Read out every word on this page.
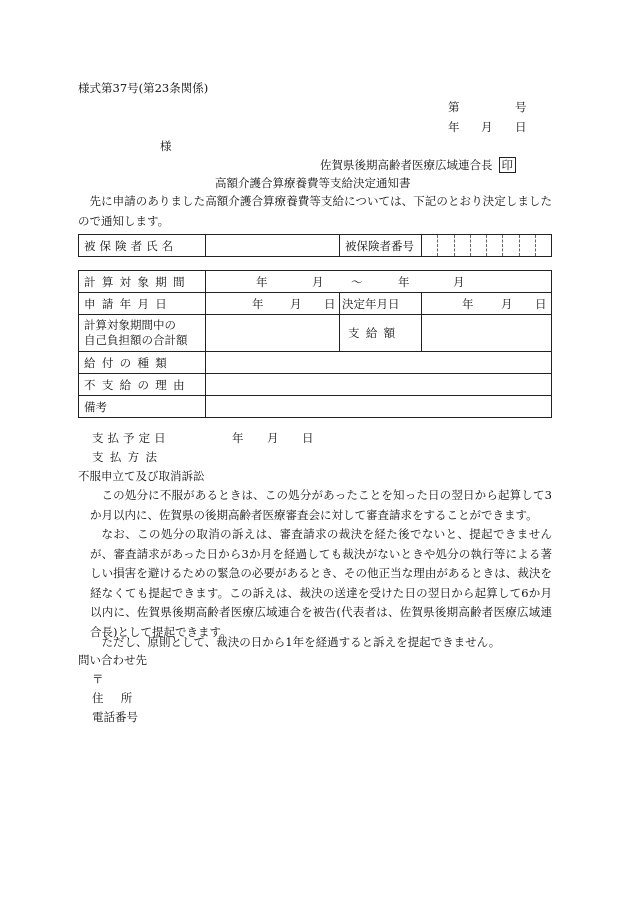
様式第37号(第23条関係)
第	号
年 月 日
様
佐賀県後期高齢者医療広域連合長 印
高額介護合算療養費等支給決定通知書
先に申請のありました高額介護合算療養費等支給については、下記のとおり決定しましたので通知します。
被保険者氏名		被保険者番号	
計算対象期間	年 月 ～ 年 月		

申請年月日	年 月 日	決定年月日	年 月 日

計算対象期間中の
自己負担額の合計額		支給額	
給付の種類			
不支給の理由			

備考			

支払予定日	年 月 日
支払方法
不服申立て及び取消訴訟
この処分に不服があるときは、この処分があったことを知った日の翌日から起算して3か月以内に、佐賀県の後期高齢者医療審査会に対して審査請求をすることができます。
なお、この処分の取消の訴えは、審査請求の裁決を経た後でないと、提起できませんが、審査請求があった日から3か月を経過しても裁決がないときや処分の執行等による著しい損害を避けるための緊急の必要があるとき、その他正当な理由があるときは、裁決を経なくても提起できます。この訴えは、裁決の送達を受けた日の翌日から起算して6か月以内に、佐賀県後期高齢者医療広域連合を被告(代表者は、佐賀県後期高齢者医療広域連合長)として提起できます。
ただし、原則として、裁決の日から1年を経過すると訴えを提起できません。
問い合わせ先
〒
住所
電話番号
